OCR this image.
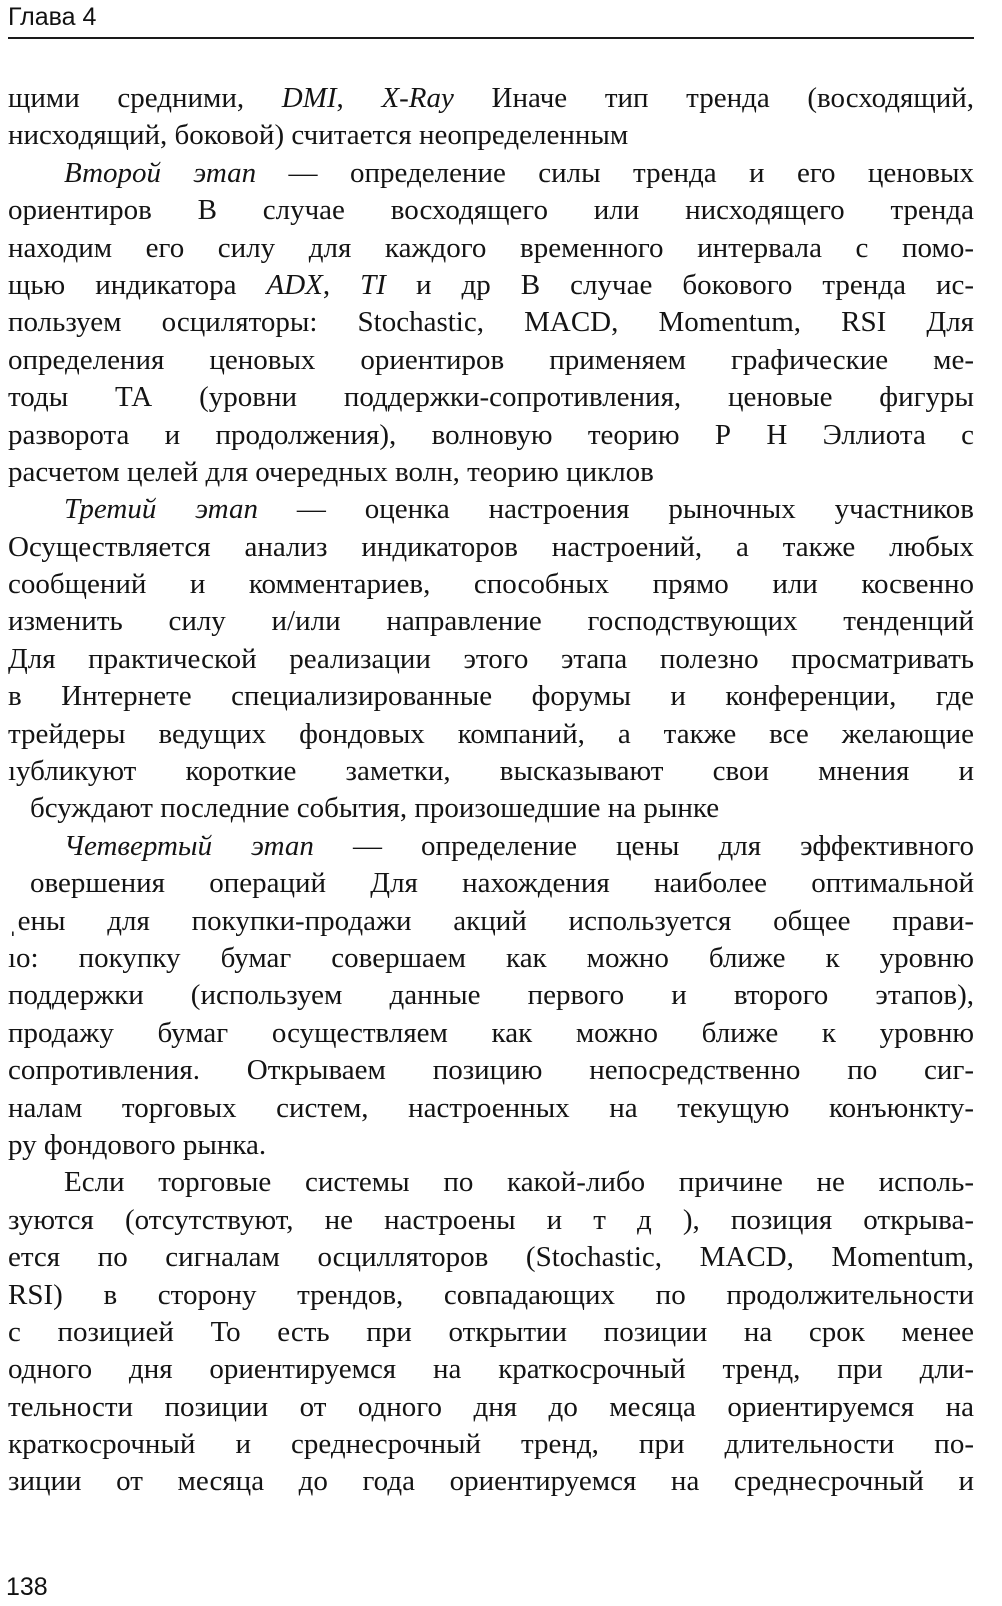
Глава 4
щими средними, DMI, X-Ray Иначе тип тренда (восходящий,
нисходящий, боковой) считается неопределенным
Второй этап — определение силы тренда и его ценовых
ориентиров В случае восходящего или нисходящего тренда
находим его силу для каждого временного интервала с помо-
щью индикатора ADX, TI и др В случае бокового тренда ис-
пользуем осциляторы: Stochastic, MACD, Momentum, RSI Для
определения ценовых ориентиров применяем графические ме-
тоды ТА (уровни поддержки-сопротивления, ценовые фигуры
разворота и продолжения), волновую теорию Р Н Эллиота с
расчетом целей для очередных волн, теорию циклов
Третий этап — оценка настроения рыночных участников
Осуществляется анализ индикаторов настроений, а также любых
сообщений и комментариев, способных прямо или косвенно
изменить силу и/или направление господствующих тенденций
Для практической реализации этого этапа полезно просматривать
в Интернете специализированные форумы и конференции, где
трейдеры ведущих фондовых компаний, а также все желающие
ıубликуют короткие заметки, высказывают свои мнения и
бсуждают последние события, произошедшие на рынке
Четвертый этап — определение цены для эффективного
овершения операций Для нахождения наиболее оптимальной
ˌены для покупки-продажи акций используется общее прави-
ıо: покупку бумаг совершаем как можно ближе к уровню
поддержки (используем данные первого и второго этапов),
продажу бумаг осуществляем как можно ближе к уровню
сопротивления. Открываем позицию непосредственно по сиг-
налам торговых систем, настроенных на текущую конъюнкту-
ру фондового рынка.
Если торговые системы по какой-либо причине не исполь-
зуются (отсутствуют, не настроены и т д ), позиция открыва-
ется по сигналам осцилляторов (Stochastic, MACD, Momentum,
RSI) в сторону трендов, совпадающих по продолжительности
с позицией То есть при открытии позиции на срок менее
одного дня ориентируемся на краткосрочный тренд, при дли-
тельности позиции от одного дня до месяца ориентируемся на
краткосрочный и среднесрочный тренд, при длительности по-
зиции от месяца до года ориентируемся на среднесрочный и
138
